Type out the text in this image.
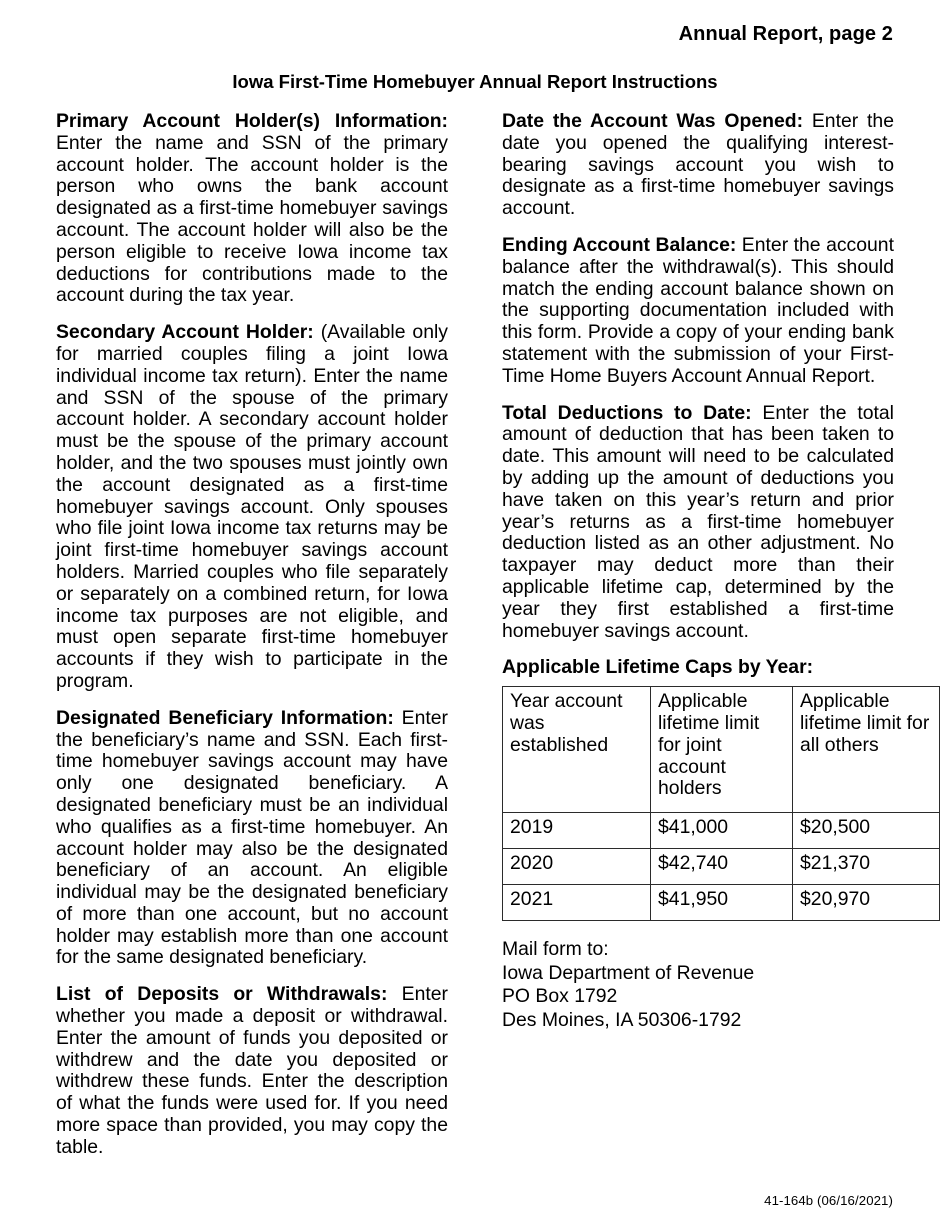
Annual Report, page 2
Iowa First-Time Homebuyer Annual Report Instructions

Primary Account Holder(s) Information: Enter the name and SSN of the primary account holder. The account holder is the person who owns the bank account designated as a first-time homebuyer savings account. The account holder will also be the person eligible to receive Iowa income tax deductions for contributions made to the account during the tax year.

Secondary Account Holder: (Available only for married couples filing a joint Iowa individual income tax return). Enter the name and SSN of the spouse of the primary account holder. A secondary account holder must be the spouse of the primary account holder, and the two spouses must jointly own the account designated as a first-time homebuyer savings account. Only spouses who file joint Iowa income tax returns may be joint first-time homebuyer savings account holders. Married couples who file separately or separately on a combined return, for Iowa income tax purposes are not eligible, and must open separate first-time homebuyer accounts if they wish to participate in the program.

Designated Beneficiary Information: Enter the beneficiary’s name and SSN. Each first-time homebuyer savings account may have only one designated beneficiary. A designated beneficiary must be an individual who qualifies as a first-time homebuyer. An account holder may also be the designated beneficiary of an account. An eligible individual may be the designated beneficiary of more than one account, but no account holder may establish more than one account for the same designated beneficiary.

List of Deposits or Withdrawals: Enter whether you made a deposit or withdrawal. Enter the amount of funds you deposited or withdrew and the date you deposited or withdrew these funds. Enter the description of what the funds were used for. If you need more space than provided, you may copy the table.

Date the Account Was Opened: Enter the date you opened the qualifying interest-bearing savings account you wish to designate as a first-time homebuyer savings account.

Ending Account Balance: Enter the account balance after the withdrawal(s). This should match the ending account balance shown on the supporting documentation included with this form. Provide a copy of your ending bank statement with the submission of your First-Time Home Buyers Account Annual Report.

Total Deductions to Date: Enter the total amount of deduction that has been taken to date. This amount will need to be calculated by adding up the amount of deductions you have taken on this year’s return and prior year’s returns as a first-time homebuyer deduction listed as an other adjustment. No taxpayer may deduct more than their applicable lifetime cap, determined by the year they first established a first-time homebuyer savings account.

Applicable Lifetime Caps by Year:
Year account was established	Applicable lifetime limit for joint account holders	Applicable lifetime limit for all others
2019	$41,000	$20,500
2020	$42,740	$21,370
2021	$41,950	$20,970
Mail form to:
Iowa Department of Revenue
PO Box 1792
Des Moines, IA 50306-1792
41-164b (06/16/2021)
